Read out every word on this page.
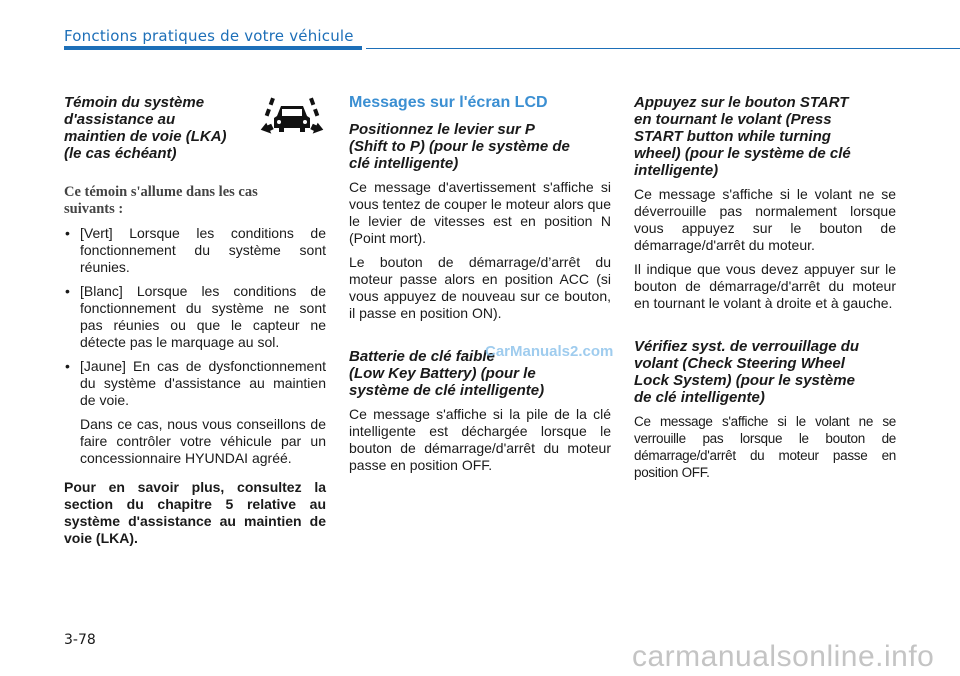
Fonctions pratiques de votre véhicule
Témoin du système
d'assistance au
maintien de voie (LKA)
(le cas échéant)
Ce témoin s'allume dans les cas
suivants :
• [Vert] Lorsque les conditions de fonctionnement du système sont réunies.
• [Blanc] Lorsque les conditions de fonctionnement du système ne sont pas réunies ou que le capteur ne détecte pas le marquage au sol.
• [Jaune] En cas de dysfonctionnement du système d'assistance au maintien de voie.
Dans ce cas, nous vous conseillons de faire contrôler votre véhicule par un concessionnaire HYUNDAI agréé.

Pour en savoir plus, consultez la section du chapitre 5 relative au système d'assistance au maintien de voie (LKA).

Messages sur l'écran LCD
Positionnez le levier sur P
(Shift to P) (pour le système de
clé intelligente)

Ce message d'avertissement s'affiche si vous tentez de couper le moteur alors que le levier de vitesses est en position N (Point mort).

Le bouton de démarrage/d’arrêt du moteur passe alors en position ACC (si vous appuyez de nouveau sur ce bouton, il passe en position ON).

Batterie de clé faible
(Low Key Battery) (pour le
système de clé intelligente)

Ce message s'affiche si la pile de la clé intelligente est déchargée lorsque le bouton de démarrage/d'arrêt du moteur passe en position OFF.

Appuyez sur le bouton START
en tournant le volant (Press
START button while turning
wheel) (pour le système de clé
intelligente)

Ce message s'affiche si le volant ne se déverrouille pas normalement lorsque vous appuyez sur le bouton de démarrage/d'arrêt du moteur.

Il indique que vous devez appuyer sur le bouton de démarrage/d'arrêt du moteur en tournant le volant à droite et à gauche.

Vérifiez syst. de verrouillage du
volant (Check Steering Wheel
Lock System) (pour le système
de clé intelligente)

Ce message s'affiche si le volant ne se verrouille pas lorsque le bouton de démarrage/d'arrêt du moteur passe en position OFF.

CarManuals2.com
3-78	carmanualsonline.info
